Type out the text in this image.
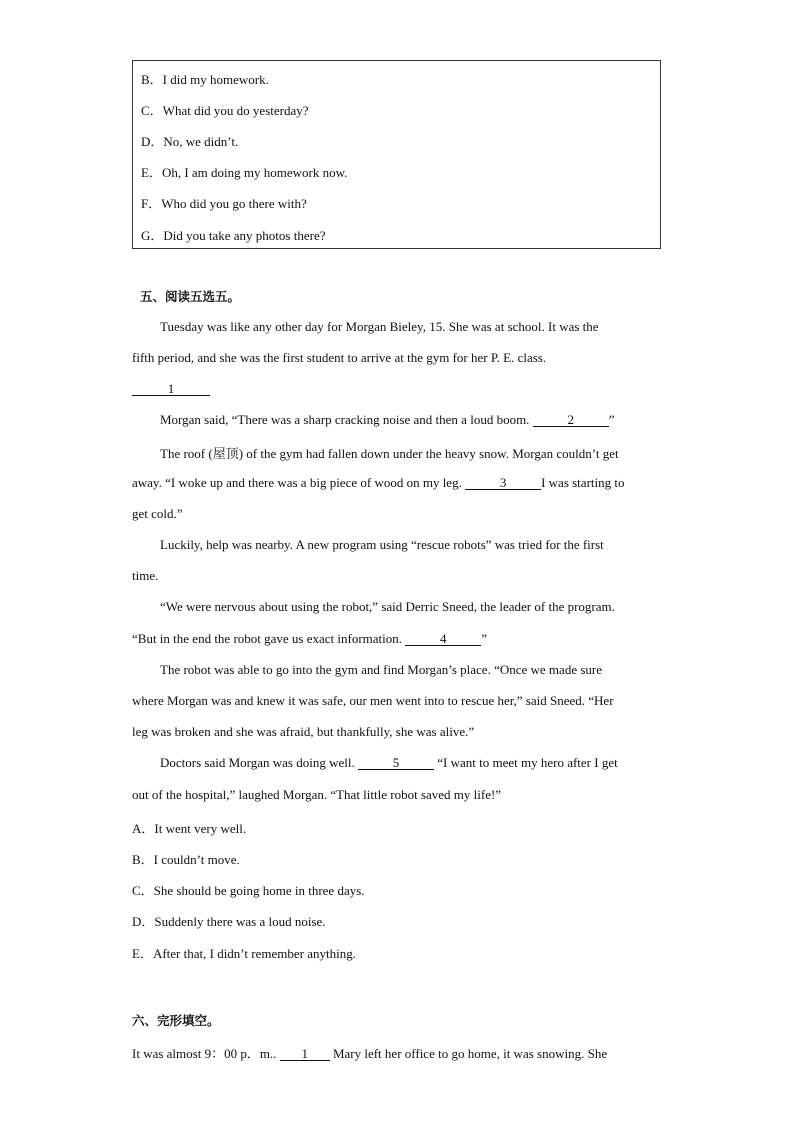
B．I did my homework.
C．What did you do yesterday?
D．No, we didn’t.
E．Oh, I am doing my homework now.
F．Who did you go there with?
G．Did you take any photos there?
五、阅读五选五。
Tuesday was like any other day for Morgan Bieley, 15. She was at school. It was the
fifth period, and she was the first student to arrive at the gym for her P. E. class.
1
Morgan said, “There was a sharp cracking noise and then a loud boom.	2	”
The roof (屋顶) of the gym had fallen down under the heavy snow. Morgan couldn’t get
away. “I woke up and there was a big piece of wood on my leg.	3	I was starting to
get cold.”
Luckily, help was nearby. A new program using “rescue robots” was tried for the first
time.
“We were nervous about using the robot,” said Derric Sneed, the leader of the program.
“But in the end the robot gave us exact information.	4	”
The robot was able to go into the gym and find Morgan’s place. “Once we made sure
where Morgan was and knew it was safe, our men went into to rescue her,” said Sneed. “Her
leg was broken and she was afraid, but thankfully, she was alive.”
Doctors said Morgan was doing well.	5	“I want to meet my hero after I get
out of the hospital,” laughed Morgan. “That little robot saved my life!”
A．It went very well.
B．I couldn’t move.
C．She should be going home in three days.
D．Suddenly there was a loud noise.
E．After that, I didn’t remember anything.
六、完形填空。
It was almost 9：00 p．m.. 1 Mary left her office to go home, it was snowing. She
